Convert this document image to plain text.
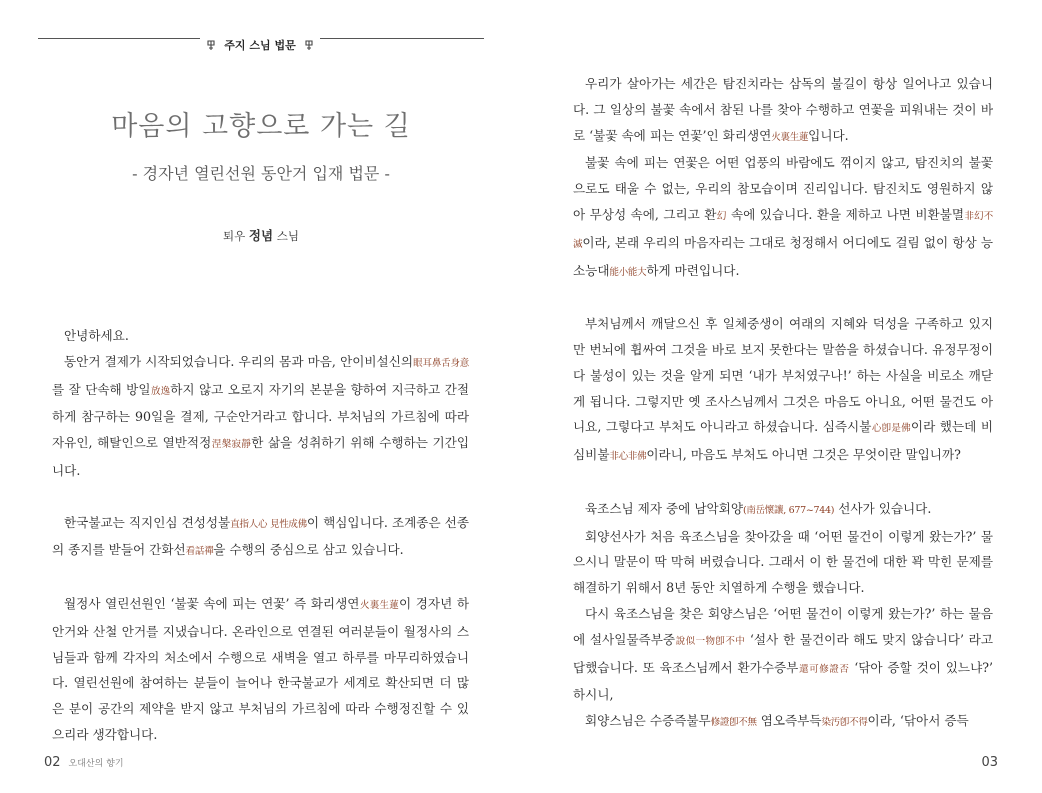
주지 스님 법문
마음의 고향으로 가는 길
- 경자년 열린선원 동안거 입재 법문 -
퇴우 정념 스님

안녕하세요.

동안거 결제가 시작되었습니다. 우리의 몸과 마음, 안이비설신의眼耳鼻舌身意를 잘 단속해 방일放逸하지 않고 오로지 자기의 본분을 향하여 지극하고 간절하게 참구하는 90일을 결제, 구순안거라고 합니다. 부처님의 가르침에 따라 자유인, 해탈인으로 열반적정涅槃寂靜한 삶을 성취하기 위해 수행하는 기간입니다.

한국불교는 직지인심 견성성불直指人心 見性成佛이 핵심입니다. 조계종은 선종의 종지를 받들어 간화선看話禪을 수행의 중심으로 삼고 있습니다.

월정사 열린선원인 ‘불꽃 속에 피는 연꽃’ 즉 화리생연火裏生蓮이 경자년 하안거와 산철 안거를 지냈습니다. 온라인으로 연결된 여러분들이 월정사의 스님들과 함께 각자의 처소에서 수행으로 새벽을 열고 하루를 마무리하였습니다. 열린선원에 참여하는 분들이 늘어나 한국불교가 세계로 확산되면 더 많은 분이 공간의 제약을 받지 않고 부처님의 가르침에 따라 수행정진할 수 있으리라 생각합니다.

우리가 살아가는 세간은 탐진치라는 삼독의 불길이 항상 일어나고 있습니다. 그 일상의 불꽃 속에서 참된 나를 찾아 수행하고 연꽃을 피워내는 것이 바로 ‘불꽃 속에 피는 연꽃’인 화리생연火裏生蓮입니다.

불꽃 속에 피는 연꽃은 어떤 업풍의 바람에도 꺾이지 않고, 탐진치의 불꽃으로도 태울 수 없는, 우리의 참모습이며 진리입니다. 탐진치도 영원하지 않아 무상성 속에, 그리고 환幻 속에 있습니다. 환을 제하고 나면 비환불멸非幻不滅이라, 본래 우리의 마음자리는 그대로 청정해서 어디에도 걸림 없이 항상 능소능대能小能大하게 마련입니다.

부처님께서 깨달으신 후 일체중생이 여래의 지혜와 덕성을 구족하고 있지만 번뇌에 휩싸여 그것을 바로 보지 못한다는 말씀을 하셨습니다. 유정무정이 다 불성이 있는 것을 알게 되면 ‘내가 부처였구나!’ 하는 사실을 비로소 깨닫게 됩니다. 그렇지만 옛 조사스님께서 그것은 마음도 아니요, 어떤 물건도 아니요, 그렇다고 부처도 아니라고 하셨습니다. 심즉시불心卽是佛이라 했는데 비심비불非心非佛이라니, 마음도 부처도 아니면 그것은 무엇이란 말입니까?

육조스님 제자 중에 남악회양(南岳懷讓, 677~744) 선사가 있습니다.

회양선사가 처음 육조스님을 찾아갔을 때 ‘어떤 물건이 이렇게 왔는가?’ 물으시니 말문이 딱 막혀 버렸습니다. 그래서 이 한 물건에 대한 꽉 막힌 문제를 해결하기 위해서 8년 동안 치열하게 수행을 했습니다.

다시 육조스님을 찾은 회양스님은 ‘어떤 물건이 이렇게 왔는가?’ 하는 물음에 설사일물즉부중說似一物卽不中 ‘설사 한 물건이라 해도 맞지 않습니다’ 라고 답했습니다. 또 육조스님께서 환가수증부還可修證否 ‘닦아 증할 것이 있느냐?’ 하시니,

회양스님은 수증즉불무修證卽不無 염오즉부득染汚卽不得이라, ‘닦아서 증득

02 오대산의 향기	03
